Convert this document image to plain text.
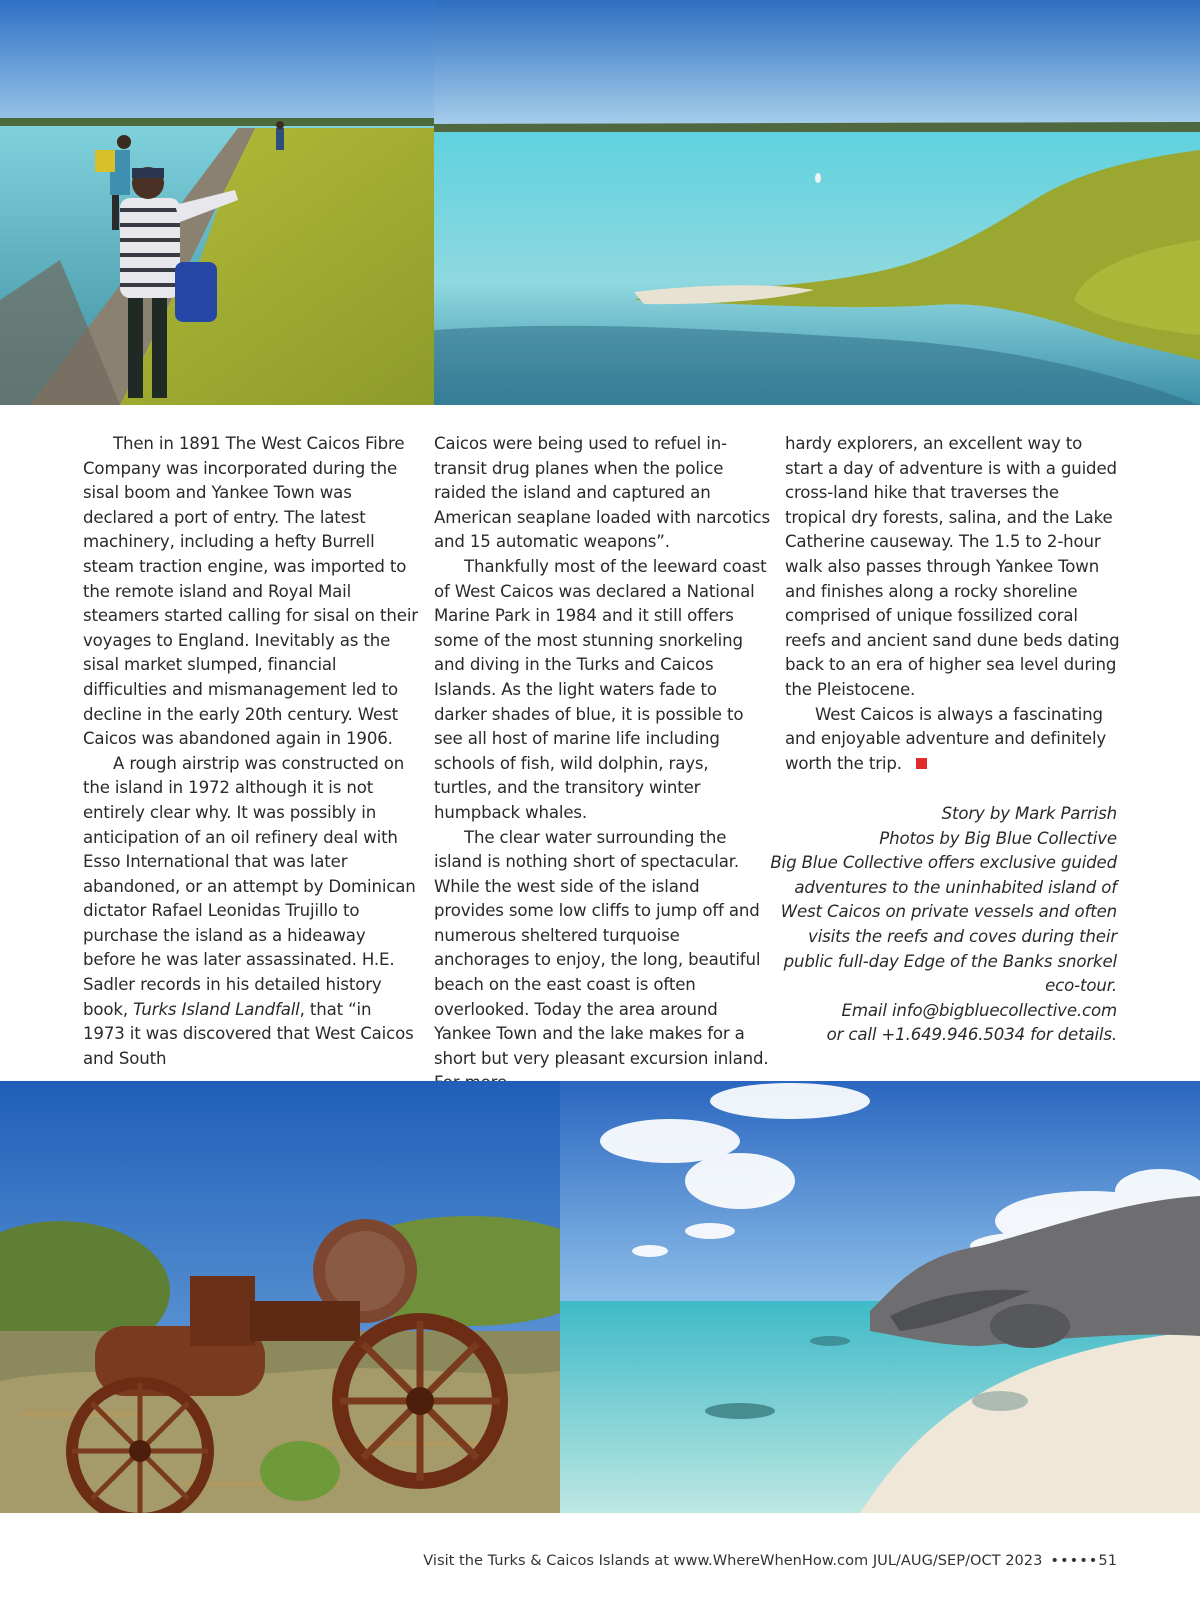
Then in 1891 The West Caicos Fibre Company was incorporated during the sisal boom and Yankee Town was declared a port of entry. The latest machinery, including a hefty Burrell steam traction engine, was imported to the remote island and Royal Mail steamers started calling for sisal on their voyages to England. Inevitably as the sisal market slumped, financial difficulties and mismanagement led to decline in the early 20th century. West Caicos was abandoned again in 1906.

A rough airstrip was constructed on the island in 1972 although it is not entirely clear why. It was possibly in anticipation of an oil refinery deal with Esso International that was later abandoned, or an attempt by Dominican dictator Rafael Leonidas Trujillo to purchase the island as a hideaway before he was later assassinated. H.E. Sadler records in his detailed history book, Turks Island Landfall, that “in 1973 it was discovered that West Caicos and South

Caicos were being used to refuel in-transit drug planes when the police raided the island and captured an American seaplane loaded with narcotics and 15 automatic weapons”.

Thankfully most of the leeward coast of West Caicos was declared a National Marine Park in 1984 and it still offers some of the most stunning snorkeling and diving in the Turks and Caicos Islands. As the light waters fade to darker shades of blue, it is possible to see all host of marine life including schools of fish, wild dolphin, rays, turtles, and the transitory winter humpback whales.

The clear water surrounding the island is nothing short of spectacular. While the west side of the island provides some low cliffs to jump off and numerous sheltered turquoise anchorages to enjoy, the long, beautiful beach on the east coast is often overlooked. Today the area around Yankee Town and the lake makes for a short but very pleasant excursion inland.

hardy explorers, an excellent way to start a day of adventure is with a guided cross-land hike that traverses the tropical dry forests, salina, and the Lake Catherine causeway. The 1.5 to 2-hour walk also passes through Yankee Town and finishes along a rocky shoreline comprised of unique fossilized coral reefs and ancient sand dune beds dating back to an era of higher sea level during the Pleistocene.

West Caicos is always a fascinating and enjoyable adventure and definitely worth the trip.

Story by Mark Parrish

Photos by Big Blue Collective

Big Blue Collective offers exclusive guided adventures to the uninhabited island of West Caicos on private vessels and often visits the reefs and coves during their public full-day Edge of the Banks snorkel eco-tour.

Email info@bigbluecollective.com

or call +1.649.946.5034 for details.

Visit the Turks & Caicos Islands at www.WhereWhenHow.com JUL/AUG/SEP/OCT 2023 •••••51
